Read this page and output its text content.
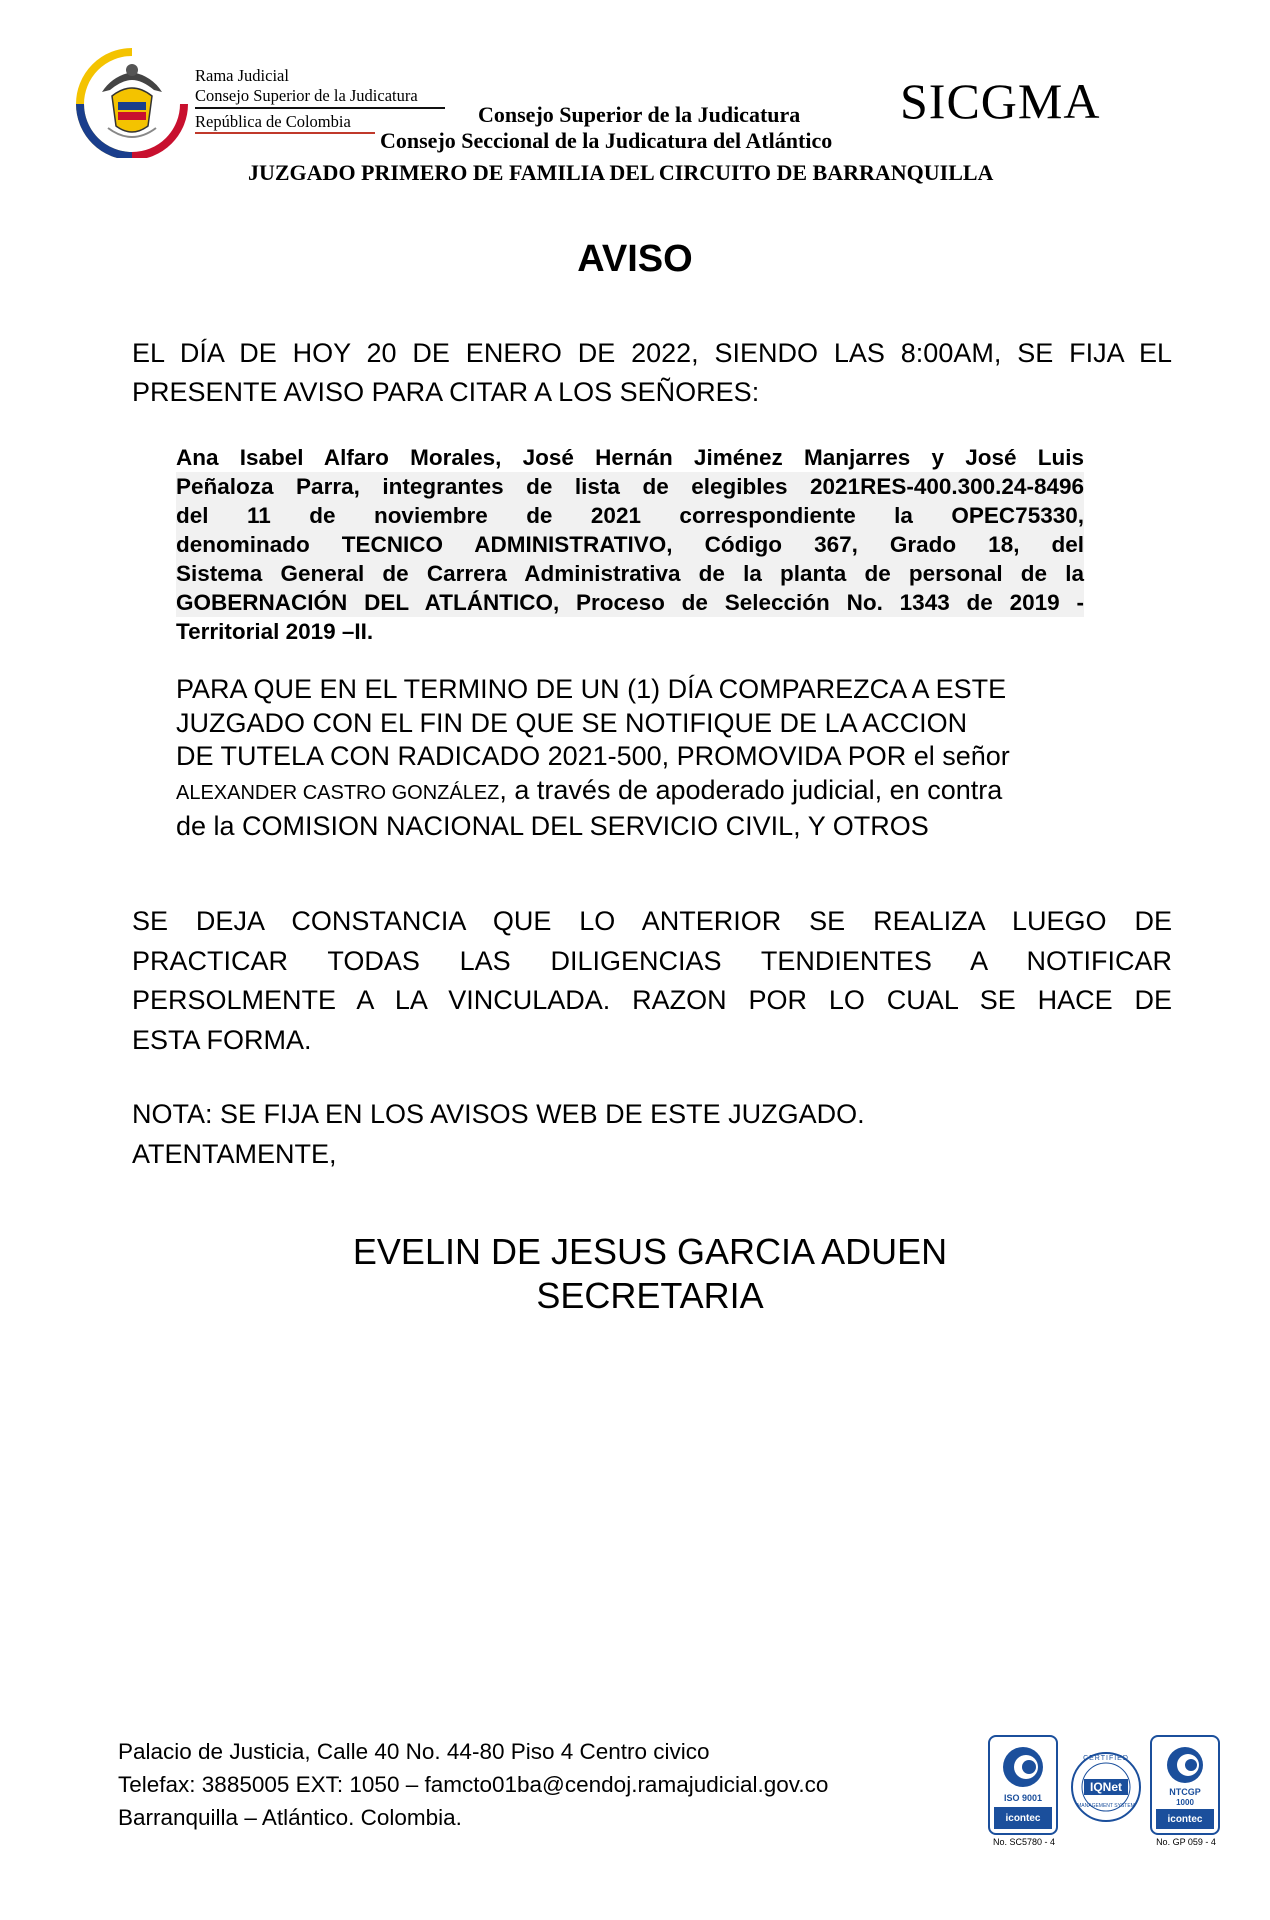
Rama Judicial
Consejo Superior de la Judicatura
República de Colombia	Consejo Superior de la Judicatura
Consejo Seccional de la Judicatura del Atlántico
SICGMA
JUZGADO PRIMERO DE FAMILIA DEL CIRCUITO DE BARRANQUILLA
AVISO
EL DÍA DE HOY 20 DE ENERO DE 2022, SIENDO LAS 8:00AM, SE FIJA EL
PRESENTE AVISO PARA CITAR A LOS SEÑORES:
Ana Isabel Alfaro Morales, José Hernán Jiménez Manjarres y José Luis
Peñaloza Parra, integrantes de lista de elegibles 2021RES-400.300.24-8496
del 11 de noviembre de 2021 correspondiente la OPEC75330,
denominado TECNICO ADMINISTRATIVO, Código 367, Grado 18, del
Sistema General de Carrera Administrativa de la planta de personal de la
GOBERNACIÓN DEL ATLÁNTICO, Proceso de Selección No. 1343 de 2019 -
Territorial 2019 –II.
PARA QUE EN EL TERMINO DE UN (1) DÍA COMPAREZCA A ESTE
JUZGADO CON EL FIN DE QUE SE NOTIFIQUE DE LA ACCION
DE TUTELA CON RADICADO 2021-500, PROMOVIDA POR el señor
ALEXANDER CASTRO GONZÁLEZ, a través de apoderado judicial, en contra
de la COMISION NACIONAL DEL SERVICIO CIVIL, Y OTROS
SE DEJA CONSTANCIA QUE LO ANTERIOR SE REALIZA LUEGO DE
PRACTICAR TODAS LAS DILIGENCIAS TENDIENTES A NOTIFICAR
PERSOLMENTE A LA VINCULADA. RAZON POR LO CUAL SE HACE DE
ESTA FORMA.
NOTA: SE FIJA EN LOS AVISOS WEB DE ESTE JUZGADO.
ATENTAMENTE,
EVELIN DE JESUS GARCIA ADUEN
SECRETARIA
Palacio de Justicia, Calle 40 No. 44-80 Piso 4 Centro civico
Telefax: 3885005 EXT: 1050 – famcto01ba@cendoj.ramajudicial.gov.co
Barranquilla – Atlántico. Colombia.
ISO 9001
icontec
No. SC5780 - 4
CERTIFIED
IQNet
MANAGEMENT SYSTEM
NTCGP
1000
icontec
No. GP 059 - 4
